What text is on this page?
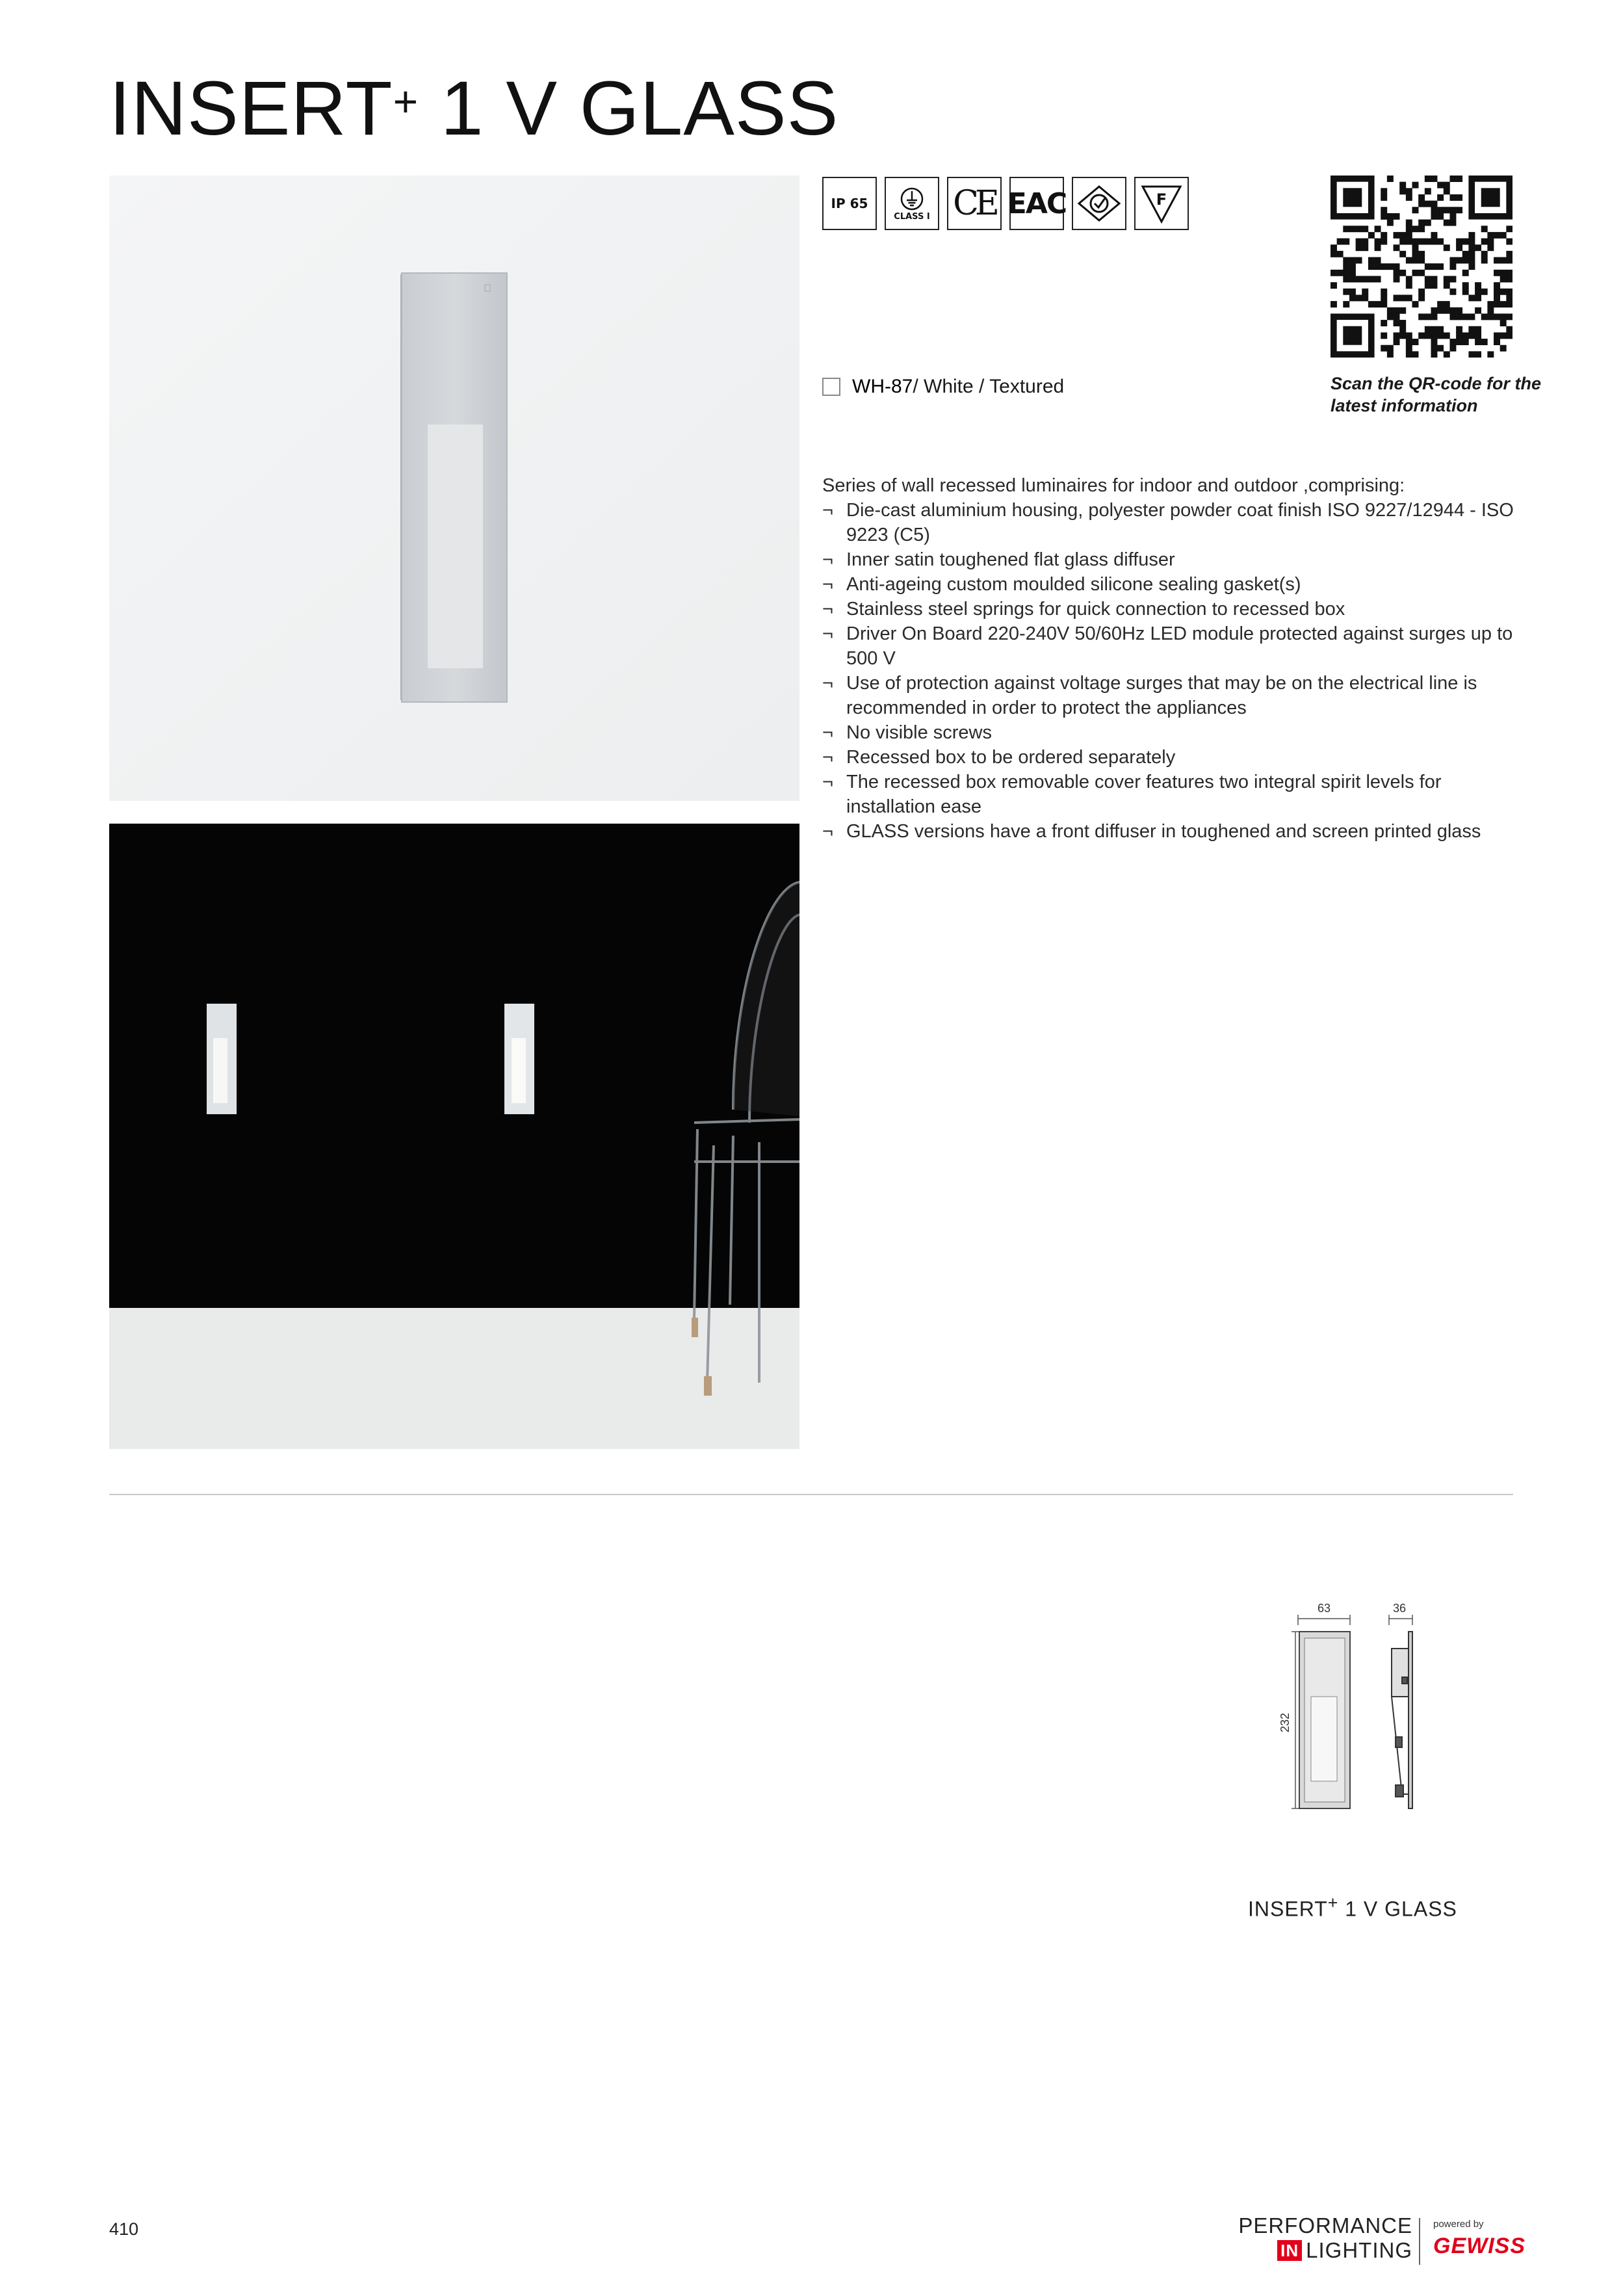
INSERT+ 1 V GLASS
IP 65
CLASS I CE EAC	F
Scan the QR-code for the latest information
WH-87 / White / Textured

Series of wall recessed luminaires for indoor and outdoor ,comprising:

¬ Die-cast aluminium housing, polyester powder coat finish ISO 9227/12944 - ISO 9223 (C5)
¬ Inner satin toughened flat glass diffuser
¬ Anti-ageing custom moulded silicone sealing gasket(s)
¬ Stainless steel springs for quick connection to recessed box
¬ Driver On Board 220-240V 50/60Hz LED module protected against surges up to 500 V
¬ Use of protection against voltage surges that may be on the electrical line is recommended in order to protect the appliances
¬ No visible screws
¬ Recessed box to be ordered separately
¬ The recessed box removable cover features two integral spirit levels for installation ease
¬ GLASS versions have a front diffuser in toughened and screen printed glass
63	36
232
INSERT+ 1 V GLASS
410	PERFORMANCE
IN LIGHTING
powered by
GEWISS
